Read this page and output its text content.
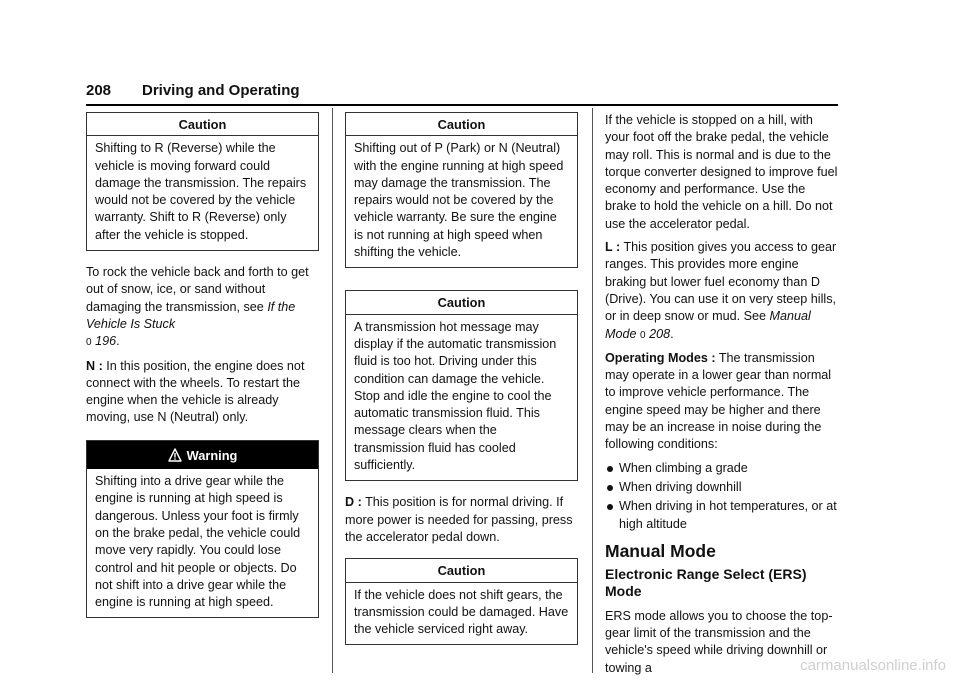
208 Driving and Operating
Caution
Shifting to R (Reverse) while the vehicle is moving forward could damage the transmission. The repairs would not be covered by the vehicle warranty. Shift to R (Reverse) only after the vehicle is stopped.

To rock the vehicle back and forth to get out of snow, ice, or sand without damaging the transmission, see If the Vehicle Is Stuck
0 196.

N : In this position, the engine does not connect with the wheels. To restart the engine when the vehicle is already moving, use N (Neutral) only.

Warning
Shifting into a drive gear while the engine is running at high speed is dangerous. Unless your foot is firmly on the brake pedal, the vehicle could move very rapidly. You could lose control and hit people or objects. Do not shift into a drive gear while the engine is running at high speed.
Caution
Shifting out of P (Park) or N (Neutral) with the engine running at high speed may damage the transmission. The repairs would not be covered by the vehicle warranty. Be sure the engine is not running at high speed when shifting the vehicle.
Caution
A transmission hot message may display if the automatic transmission fluid is too hot. Driving under this condition can damage the vehicle. Stop and idle the engine to cool the automatic transmission fluid. This message clears when the transmission fluid has cooled sufficiently.

D : This position is for normal driving. If more power is needed for passing, press the accelerator pedal down.

Caution
If the vehicle does not shift gears, the transmission could be damaged. Have the vehicle serviced right away.

If the vehicle is stopped on a hill, with your foot off the brake pedal, the vehicle may roll. This is normal and is due to the torque converter designed to improve fuel economy and performance. Use the brake to hold the vehicle on a hill. Do not use the accelerator pedal.

L : This position gives you access to gear ranges. This provides more engine braking but lower fuel economy than D (Drive). You can use it on very steep hills, or in deep snow or mud. See Manual Mode 0 208.

Operating Modes : The transmission may operate in a lower gear than normal to improve vehicle performance. The engine speed may be higher and there may be an increase in noise during the following conditions:

When climbing a grade
When driving downhill
When driving in hot temperatures, or at high altitude
Manual Mode
Electronic Range Select (ERS) Mode

ERS mode allows you to choose the top-gear limit of the transmission and the vehicle's speed while driving downhill or towing a	carmanualsonline.info
